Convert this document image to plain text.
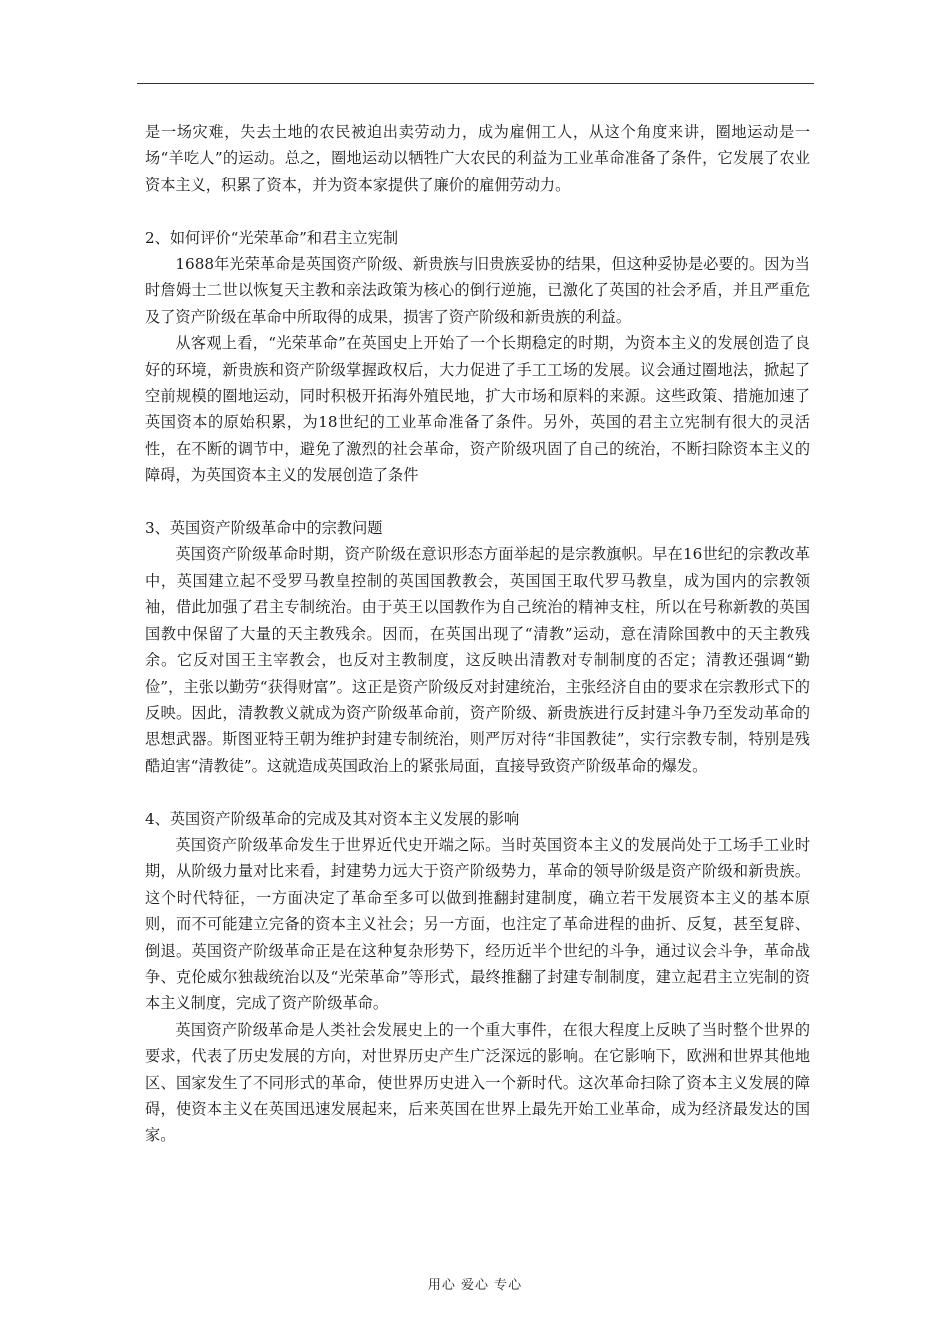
是一场灾难，失去土地的农民被迫出卖劳动力，成为雇佣工人，从这个角度来讲，圈地运动是一场“羊吃人”的运动。总之，圈地运动以牺牲广大农民的利益为工业革命准备了条件，它发展了农业资本主义，积累了资本，并为资本家提供了廉价的雇佣劳动力。

2、如何评价“光荣革命”和君主立宪制

1688年光荣革命是英国资产阶级、新贵族与旧贵族妥协的结果，但这种妥协是必要的。因为当时詹姆士二世以恢复天主教和亲法政策为核心的倒行逆施，已激化了英国的社会矛盾，并且严重危及了资产阶级在革命中所取得的成果，损害了资产阶级和新贵族的利益。

从客观上看，“光荣革命”在英国史上开始了一个长期稳定的时期，为资本主义的发展创造了良好的环境，新贵族和资产阶级掌握政权后，大力促进了手工工场的发展。议会通过圈地法，掀起了空前规模的圈地运动，同时积极开拓海外殖民地，扩大市场和原料的来源。这些政策、措施加速了英国资本的原始积累，为18世纪的工业革命准备了条件。另外，英国的君主立宪制有很大的灵活性，在不断的调节中，避免了激烈的社会革命，资产阶级巩固了自己的统治，不断扫除资本主义的障碍，为英国资本主义的发展创造了条件

3、英国资产阶级革命中的宗教问题

英国资产阶级革命时期，资产阶级在意识形态方面举起的是宗教旗帜。早在16世纪的宗教改革中，英国建立起不受罗马教皇控制的英国国教教会，英国国王取代罗马教皇，成为国内的宗教领袖，借此加强了君主专制统治。由于英王以国教作为自己统治的精神支柱，所以在号称新教的英国国教中保留了大量的天主教残余。因而，在英国出现了“清教”运动，意在清除国教中的天主教残余。它反对国王主宰教会，也反对主教制度，这反映出清教对专制制度的否定；清教还强调“勤俭”，主张以勤劳“获得财富”。这正是资产阶级反对封建统治，主张经济自由的要求在宗教形式下的反映。因此，清教教义就成为资产阶级革命前，资产阶级、新贵族进行反封建斗争乃至发动革命的思想武器。斯图亚特王朝为维护封建专制统治，则严厉对待“非国教徒”，实行宗教专制，特别是残酷迫害“清教徒”。这就造成英国政治上的紧张局面，直接导致资产阶级革命的爆发。

4、英国资产阶级革命的完成及其对资本主义发展的影响

英国资产阶级革命发生于世界近代史开端之际。当时英国资本主义的发展尚处于工场手工业时期，从阶级力量对比来看，封建势力远大于资产阶级势力，革命的领导阶级是资产阶级和新贵族。这个时代特征，一方面决定了革命至多可以做到推翻封建制度，确立若干发展资本主义的基本原则，而不可能建立完备的资本主义社会；另一方面，也注定了革命进程的曲折、反复，甚至复辟、倒退。英国资产阶级革命正是在这种复杂形势下，经历近半个世纪的斗争，通过议会斗争，革命战争、克伦威尔独裁统治以及“光荣革命”等形式，最终推翻了封建专制制度，建立起君主立宪制的资本主义制度，完成了资产阶级革命。

英国资产阶级革命是人类社会发展史上的一个重大事件，在很大程度上反映了当时整个世界的要求，代表了历史发展的方向，对世界历史产生广泛深远的影响。在它影响下，欧洲和世界其他地区、国家发生了不同形式的革命，使世界历史进入一个新时代。这次革命扫除了资本主义发展的障碍，使资本主义在英国迅速发展起来，后来英国在世界上最先开始工业革命，成为经济最发达的国家。

用心 爱心 专心
